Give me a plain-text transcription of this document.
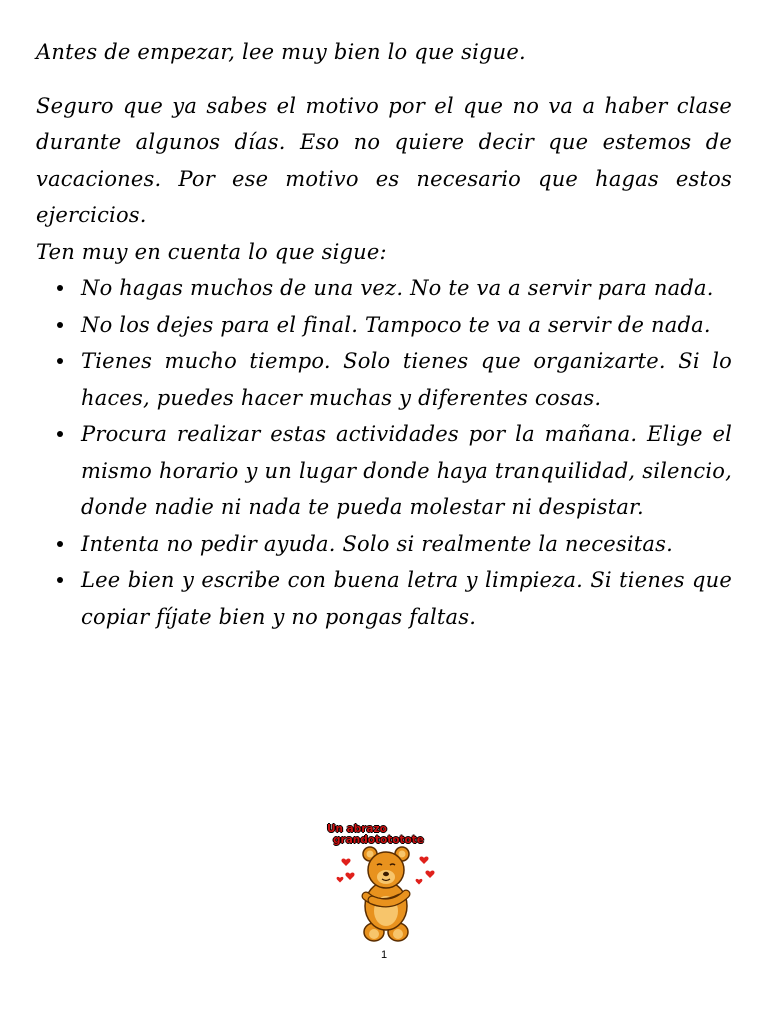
Antes de empezar, lee muy bien lo que sigue.

Seguro que ya sabes el motivo por el que no va a haber clase durante algunos días. Eso no quiere decir que estemos de vacaciones. Por ese motivo es necesario que hagas estos ejercicios.

Ten muy en cuenta lo que sigue:

No hagas muchos de una vez. No te va a servir para nada.
No los dejes para el final. Tampoco te va a servir de nada.
Tienes mucho tiempo. Solo tienes que organizarte. Si lo haces, puedes hacer muchas y diferentes cosas.
Procura realizar estas actividades por la mañana. Elige el mismo horario y un lugar donde haya tranquilidad, silencio, donde nadie ni nada te pueda molestar ni despistar.
Intenta no pedir ayuda. Solo si realmente la necesitas.
Lee bien y escribe con buena letra y limpieza. Si tienes que copiar fíjate bien y no pongas faltas.
Un abrazo
grandotototote
1
